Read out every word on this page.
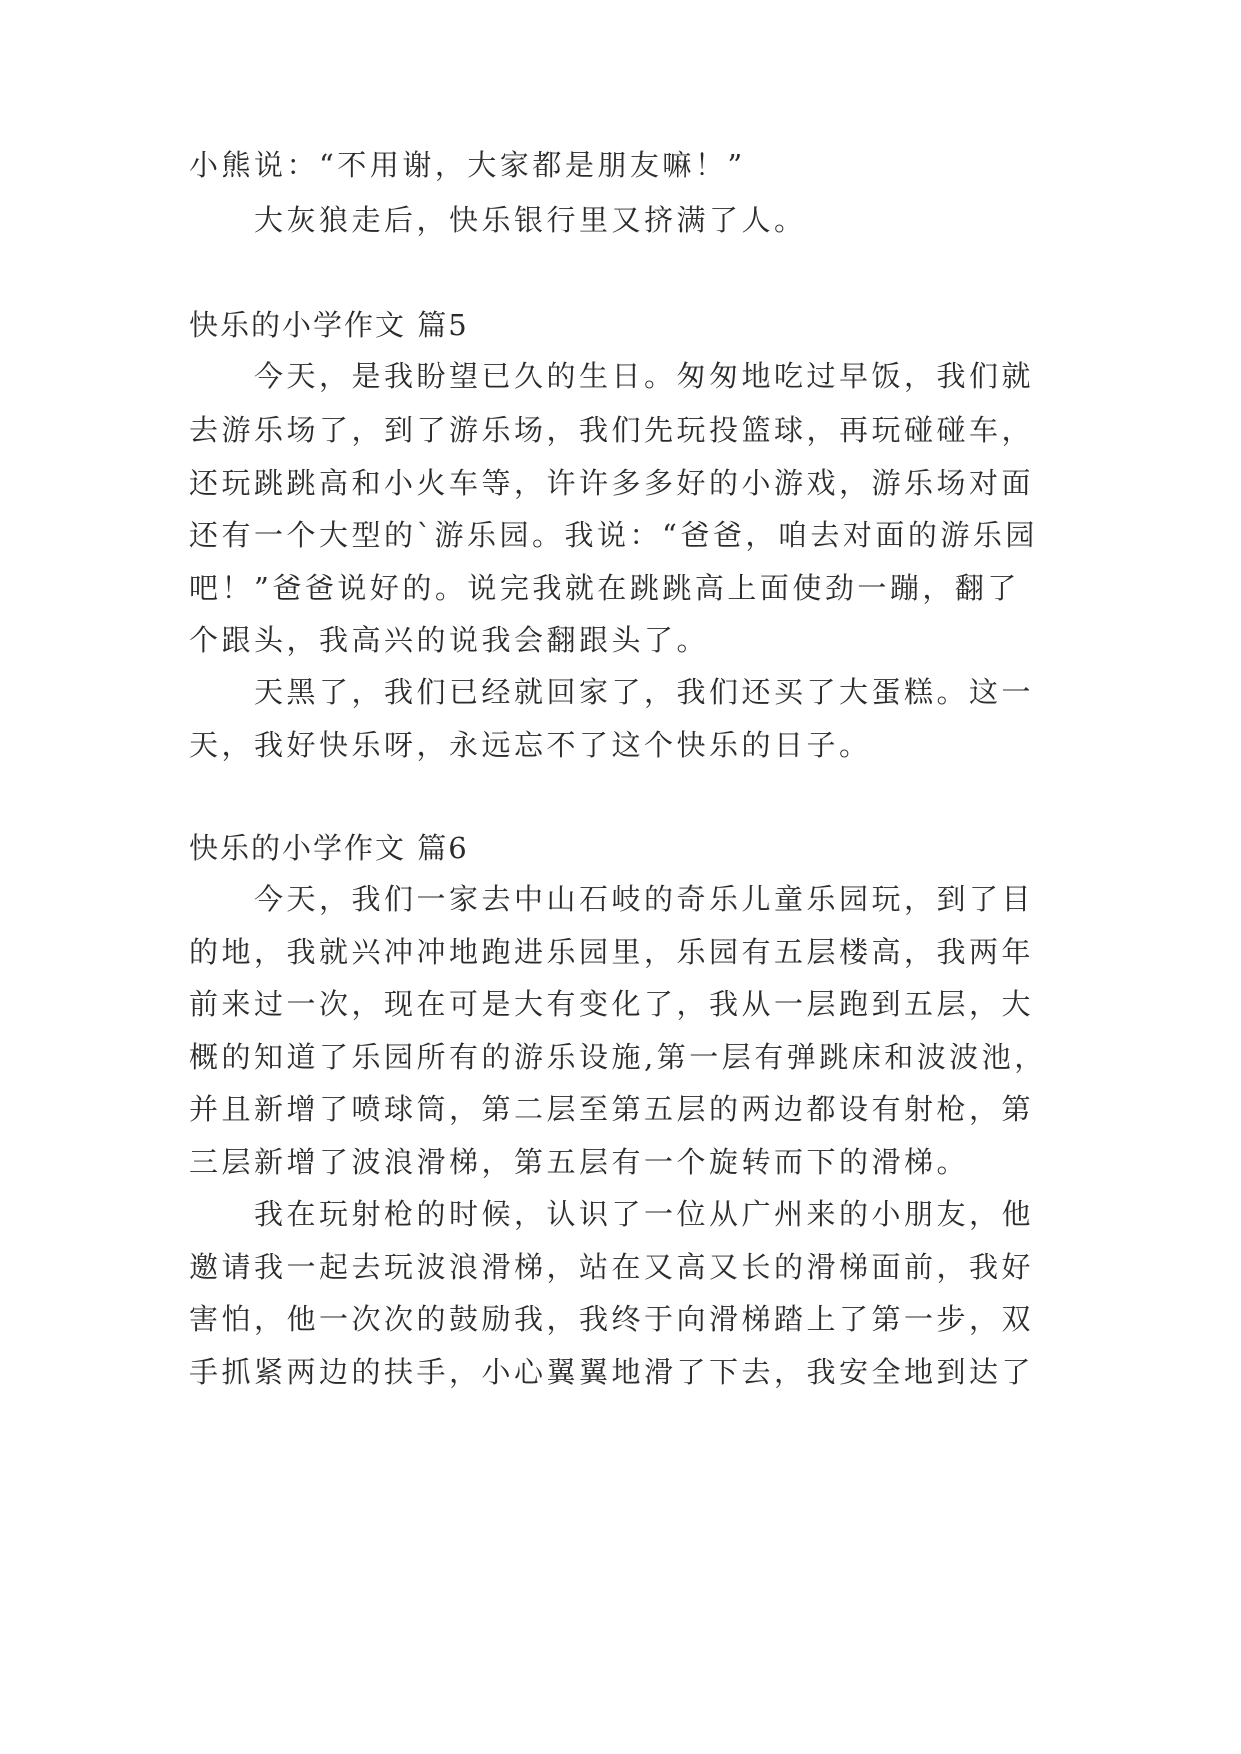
小熊说：“不用谢，大家都是朋友嘛！”
大灰狼走后，快乐银行里又挤满了人。
快乐的小学作文 篇5
今天，是我盼望已久的生日。匆匆地吃过早饭，我们就
去游乐场了，到了游乐场，我们先玩投篮球，再玩碰碰车，
还玩跳跳高和小火车等，许许多多好的小游戏，游乐场对面
还有一个大型的`游乐园。我说：“爸爸，咱去对面的游乐园
吧！”爸爸说好的。说完我就在跳跳高上面使劲一蹦，翻了
个跟头，我高兴的说我会翻跟头了。
天黑了，我们已经就回家了，我们还买了大蛋糕。这一
天，我好快乐呀，永远忘不了这个快乐的日子。
快乐的小学作文 篇6
今天，我们一家去中山石岐的奇乐儿童乐园玩，到了目
的地，我就兴冲冲地跑进乐园里，乐园有五层楼高，我两年
前来过一次，现在可是大有变化了，我从一层跑到五层，大
概的知道了乐园所有的游乐设施,第一层有弹跳床和波波池，
并且新增了喷球筒，第二层至第五层的两边都设有射枪，第
三层新增了波浪滑梯，第五层有一个旋转而下的滑梯。
我在玩射枪的时候，认识了一位从广州来的小朋友，他
邀请我一起去玩波浪滑梯，站在又高又长的滑梯面前，我好
害怕，他一次次的鼓励我，我终于向滑梯踏上了第一步，双
手抓紧两边的扶手，小心翼翼地滑了下去，我安全地到达了
